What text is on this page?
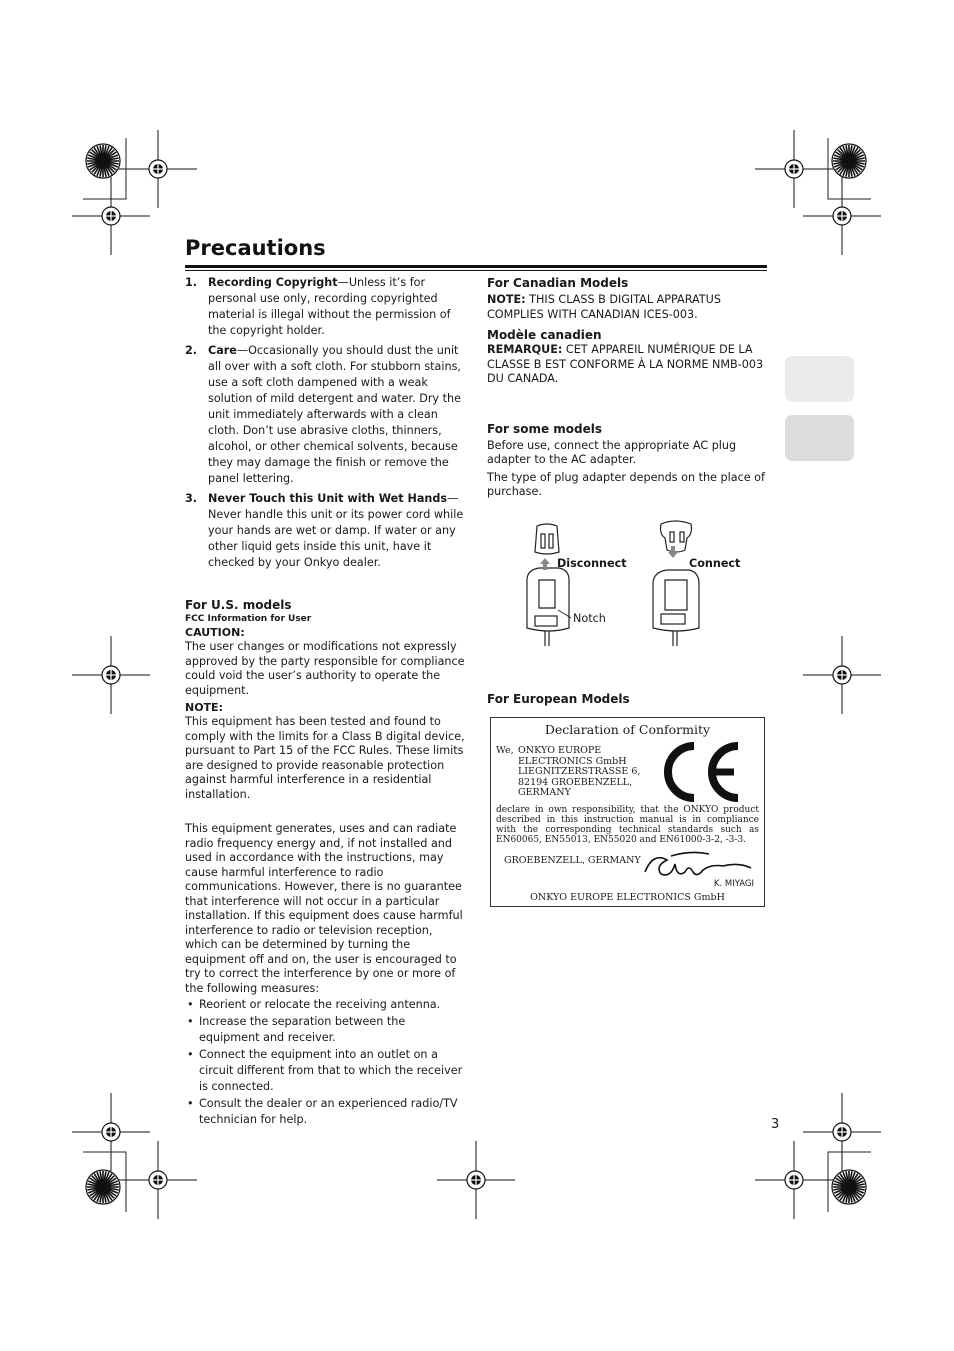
Precautions
1. Recording Copyright—Unless it’s for personal use only, recording copyrighted material is illegal without the permission of the copyright holder.
2. Care—Occasionally you should dust the unit all over with a soft cloth. For stubborn stains, use a soft cloth dampened with a weak solution of mild detergent and water. Dry the unit immediately afterwards with a clean cloth. Don’t use abrasive cloths, thinners, alcohol, or other chemical solvents, because they may damage the finish or remove the panel lettering.
3. Never Touch this Unit with Wet Hands—Never handle this unit or its power cord while your hands are wet or damp. If water or any other liquid gets inside this unit, have it checked by your Onkyo dealer.
For U.S. models
FCC Information for User
CAUTION:

The user changes or modifications not expressly approved by the party responsible for compliance could void the user’s authority to operate the equipment.

NOTE:

This equipment has been tested and found to comply with the limits for a Class B digital device, pursuant to Part 15 of the FCC Rules. These limits are designed to provide reasonable protection against harmful interference in a residential installation.

This equipment generates, uses and can radiate radio frequency energy and, if not installed and used in accordance with the instructions, may cause harmful interference to radio communications. However, there is no guarantee that interference will not occur in a particular installation. If this equipment does cause harmful interference to radio or television reception, which can be determined by turning the equipment off and on, the user is encouraged to try to correct the interference by one or more of the following measures:

• Reorient or relocate the receiving antenna.
• Increase the separation between the equipment and receiver.
• Connect the equipment into an outlet on a circuit different from that to which the receiver is connected.
• Consult the dealer or an experienced radio/TV technician for help.
For Canadian Models

NOTE: THIS CLASS B DIGITAL APPARATUS COMPLIES WITH CANADIAN ICES-003.

Modèle canadien

REMARQUE: CET APPAREIL NUMÉRIQUE DE LA CLASSE B EST CONFORME À LA NORME NMB-003 DU CANADA.

For some models

Before use, connect the appropriate AC plug adapter to the AC adapter.

The type of plug adapter depends on the place of purchase.

Disconnect	Connect
Notch
For European Models
Declaration of Conformity
We, ONKYO EUROPE
ELECTRONICS GmbH
LIEGNITZERSTRASSE 6,
82194 GROEBENZELL,
GERMANY
declare in own responsibility, that the ONKYO product described in this instruction manual is in compliance with the corresponding technical standards such as EN60065, EN55013, EN55020 and EN61000-3-2, -3-3.
GROEBENZELL, GERMANY
K. MIYAGI
ONKYO EUROPE ELECTRONICS GmbH
3
